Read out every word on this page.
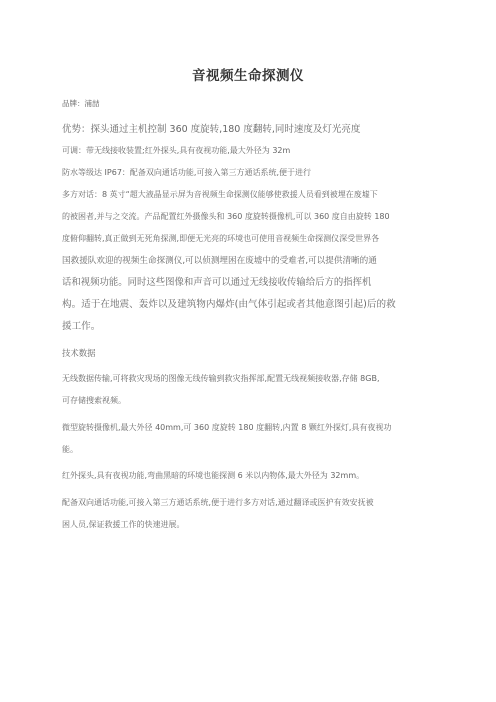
音视频生命探测仪

品牌：浦喆

优势：探头通过主机控制 360 度旋转,180 度翻转,同时速度及灯光亮度

可调：带无线接收装置;红外探头,具有夜视功能,最大外径为 32m

防水等级达 IP67：配备双向通话功能,可接入第三方通话系统,便于进行

多方对话：8 英寸“超大液晶显示屏为音视频生命探测仪能够使救援人员看到被埋在废墟下

的被困者,并与之交流。产品配置红外摄像头和 360 度旋转摄像机,可以 360 度自由旋转 180

度俯仰翻转,真正做到无死角探测,即便无光亮的环境也可使用音视频生命探测仪深受世界各

国救援队欢迎的视频生命探测仪,可以侦测埋困在废墟中的受难者,可以提供清晰的通

话和视频功能。同时这些图像和声音可以通过无线接收传输给后方的指挥机

构。适于在地震、轰炸以及建筑物内爆炸(由气体引起或者其他意图引起)后的救

援工作。

技术数据

无线数据传输,可将救灾现场的图像无线传输到救灾指挥部,配置无线视频接收器,存储 8GB,

可存储搜索视频。

微型旋转摄像机,最大外径 40mm,可 360 度旋转 180 度翻转,内置 8 颗红外探灯,具有夜视功

能。

红外探头,具有夜视功能,弯曲黑暗的环境也能探测 6 米以内物体,最大外径为 32mm。

配备双向通话功能,可接入第三方通话系统,便于进行多方对话,通过翻译或医护有效安抚被

困人员,保证救援工作的快速进展。
